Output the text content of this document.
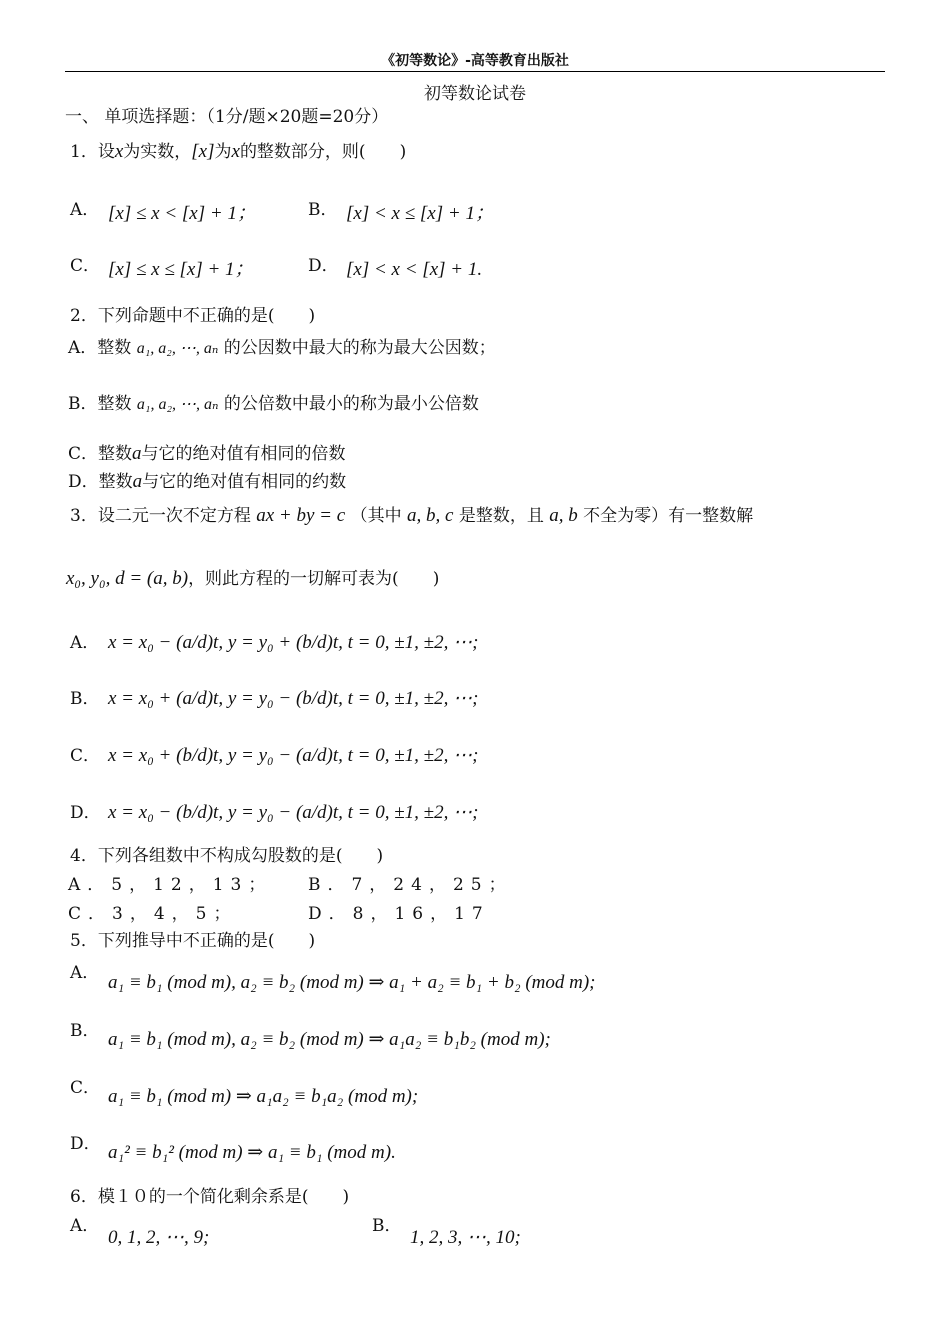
《初等数论》-高等教育出版社
初等数论试卷
一、 单项选择题：（1分/题×20题=20分）
1．设x为实数，[x]为x的整数部分，则(　　)
A． [x] ≤ x < [x] + 1；	B． [x] < x ≤ [x] + 1；
C． [x] ≤ x ≤ [x] + 1；	D． [x] < x < [x] + 1.
2．下列命题中不正确的是(　　)
A．整数 a₁, a₂, ⋯, aₙ 的公因数中最大的称为最大公因数；
B．整数 a₁, a₂, ⋯, aₙ 的公倍数中最小的称为最小公倍数
C．整数a与它的绝对值有相同的倍数
D．整数a与它的绝对值有相同的约数
3．设二元一次不定方程 ax + by = c （其中 a, b, c 是整数，且 a, b 不全为零）有一整数解
x₀, y₀, d = (a, b)，则此方程的一切解可表为(　　)
A． x = x₀ − (a/d)t, y = y₀ + (b/d)t, t = 0, ±1, ±2, ⋯;
B． x = x₀ + (a/d)t, y = y₀ − (b/d)t, t = 0, ±1, ±2, ⋯;
C． x = x₀ + (b/d)t, y = y₀ − (a/d)t, t = 0, ±1, ±2, ⋯;
D． x = x₀ − (b/d)t, y = y₀ − (a/d)t, t = 0, ±1, ±2, ⋯;
4．下列各组数中不构成勾股数的是(　　)
A．5，12，13； B．7，24，25；
C．3，4，5；	D．8，16，17
5．下列推导中不正确的是(　　)
A． a₁ ≡ b₁ (mod m), a₂ ≡ b₂ (mod m) ⇒ a₁ + a₂ ≡ b₁ + b₂ (mod m);
B． a₁ ≡ b₁ (mod m), a₂ ≡ b₂ (mod m) ⇒ a₁a₂ ≡ b₁b₂ (mod m);
C． a₁ ≡ b₁ (mod m) ⇒ a₁a₂ ≡ b₁a₂ (mod m);
D． a₁² ≡ b₁² (mod m) ⇒ a₁ ≡ b₁ (mod m).
6．模１０的一个简化剩余系是(　　)
A．
0, 1, 2, ⋯, 9;
B．
1, 2, 3, ⋯, 10;
